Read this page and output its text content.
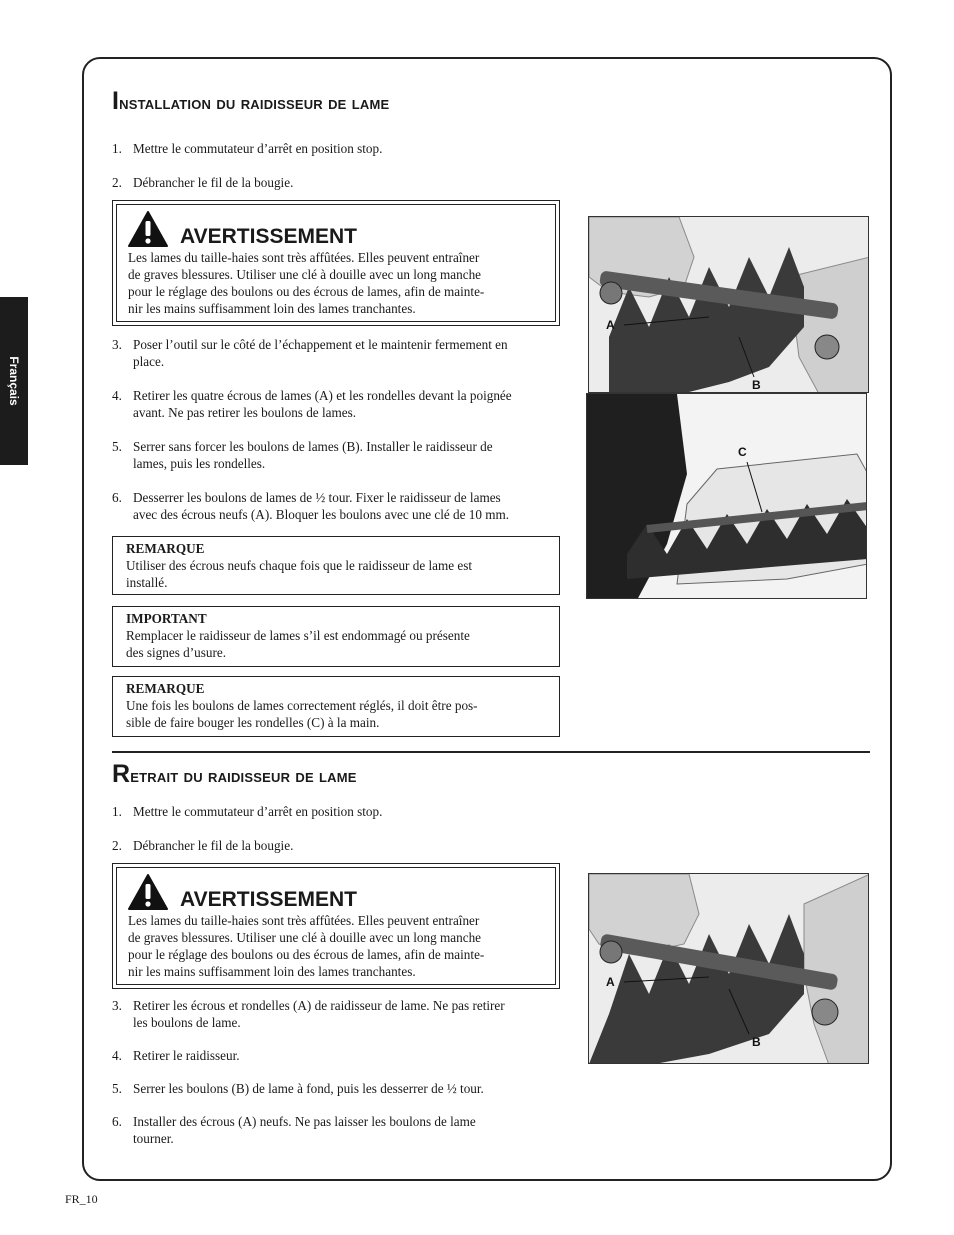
Français
Installation du raidisseur de lame
1. Mettre le commutateur d’arrêt en position stop.
2. Débrancher le fil de la bougie.
AVERTISSEMENT
Les lames du taille-haies sont très affûtées. Elles peuvent entraîner
de graves blessures. Utiliser une clé à douille avec un long manche
pour le réglage des boulons ou des écrous de lames, afin de mainte-
nir les mains suffisamment loin des lames tranchantes.
3. Poser l’outil sur le côté de l’échappement et le maintenir fermement en
place.
4. Retirer les quatre écrous de lames (A) et les rondelles devant la poignée
avant. Ne pas retirer les boulons de lames.
5. Serrer sans forcer les boulons de lames (B). Installer le raidisseur de
lames, puis les rondelles.
6. Desserrer les boulons de lames de ½ tour. Fixer le raidisseur de lames
avec des écrous neufs (A). Bloquer les boulons avec une clé de 10 mm.
REMARQUE
Utiliser des écrous neufs chaque fois que le raidisseur de lame est
installé.
IMPORTANT
Remplacer le raidisseur de lames s’il est endommagé ou présente
des signes d’usure.
REMARQUE
Une fois les boulons de lames correctement réglés, il doit être pos-
sible de faire bouger les rondelles (C) à la main.
A
B
C
Retrait du raidisseur de lame
1. Mettre le commutateur d’arrêt en position stop.
2. Débrancher le fil de la bougie.
AVERTISSEMENT
Les lames du taille-haies sont très affûtées. Elles peuvent entraîner
de graves blessures. Utiliser une clé à douille avec un long manche
pour le réglage des boulons ou des écrous de lames, afin de mainte-
nir les mains suffisamment loin des lames tranchantes.
3. Retirer les écrous et rondelles (A) de raidisseur de lame. Ne pas retirer
les boulons de lame.
4. Retirer le raidisseur.
5. Serrer les boulons (B) de lame à fond, puis les desserrer de ½ tour.
6. Installer des écrous (A) neufs. Ne pas laisser les boulons de lame
tourner.
A
B
FR_10
